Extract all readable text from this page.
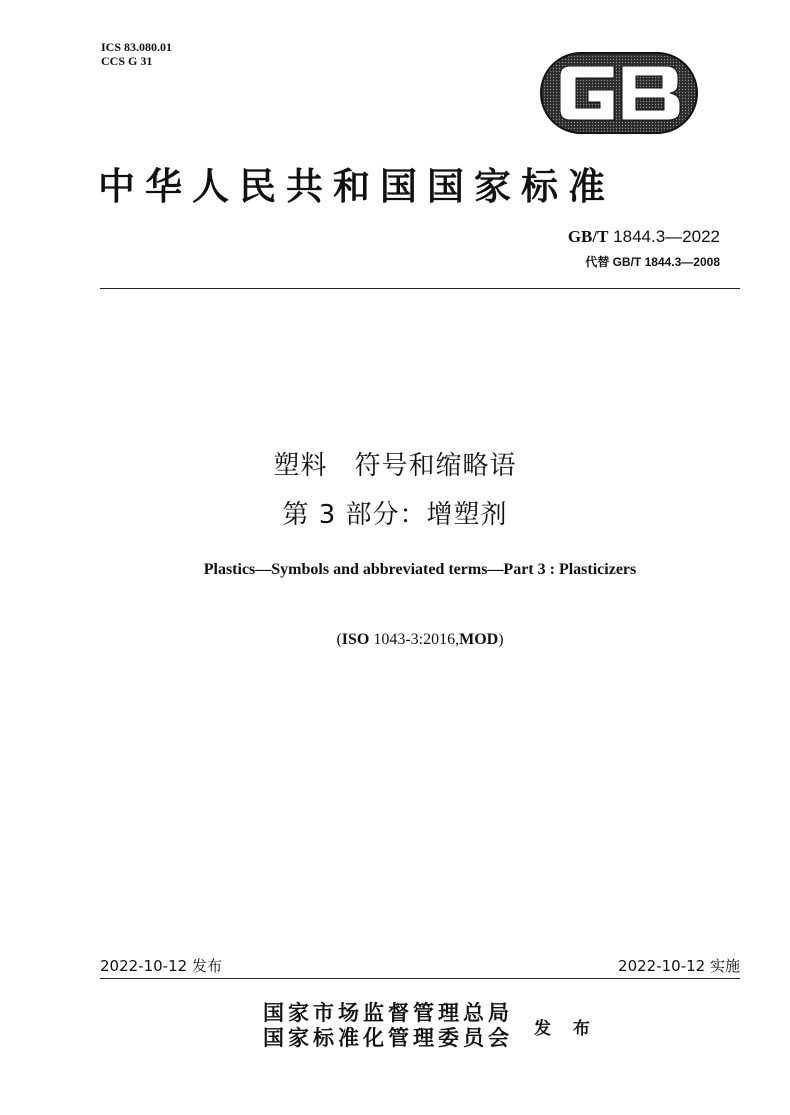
ICS 83.080.01
CCS G 31
中华人民共和国国家标准
GB/T 1844.3—2022
代替 GB/T 1844.3—2008
塑料　符号和缩略语
第 3 部分：增塑剂
Plastics—Symbols and abbreviated terms—Part 3 : Plasticizers
(ISO 1043-3:2016,MOD)
2022-10-12 发布	2022-10-12 实施
国家市场监督管理总局
国家标准化管理委员会 发 布
